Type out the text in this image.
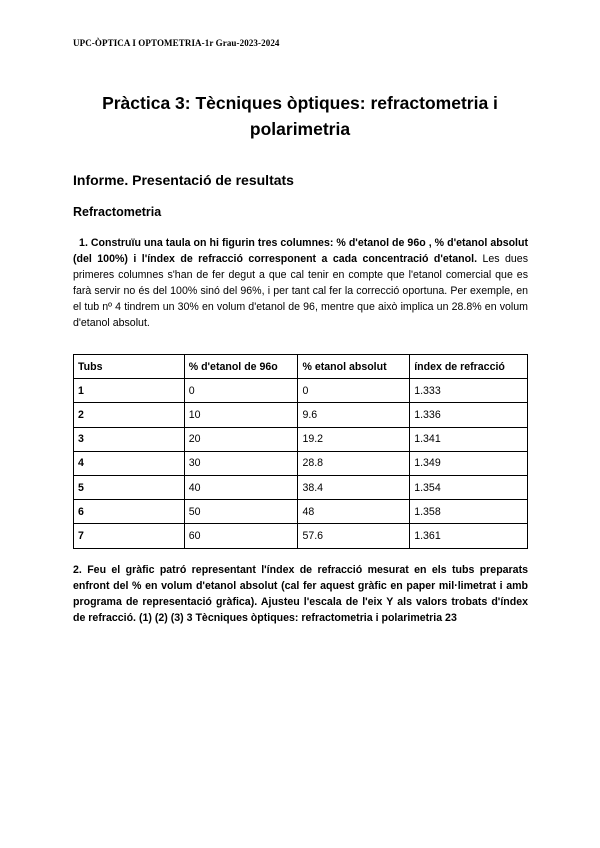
UPC-ÒPTICA I OPTOMETRIA-1r Grau-2023-2024
Pràctica 3: Tècniques òptiques: refractometria i polarimetria
Informe. Presentació de resultats
Refractometria
1. Construïu una taula on hi figurin tres columnes: % d'etanol de 96o , % d'etanol absolut (del 100%) i l'índex de refracció corresponent a cada concentració d'etanol. Les dues primeres columnes s'han de fer degut a que cal tenir en compte que l'etanol comercial que es farà servir no és del 100% sinó del 96%, i per tant cal fer la correcció oportuna. Per exemple, en el tub nº 4 tindrem un 30% en volum d'etanol de 96, mentre que això implica un 28.8% en volum d'etanol absolut.
Tubs	% d'etanol de 96o	% etanol absolut	índex de refracció
1	0	0	1.333
2	10	9.6	1.336
3	20	19.2	1.341
4	30	28.8	1.349
5	40	38.4	1.354
6	50	48	1.358
7	60	57.6	1.361
2. Feu el gràfic patró representant l'índex de refracció mesurat en els tubs preparats enfront del % en volum d'etanol absolut (cal fer aquest gràfic en paper mil·limetrat i amb programa de representació gràfica). Ajusteu l'escala de l'eix Y als valors trobats d'índex de refracció. (1) (2) (3) 3 Tècniques òptiques: refractometria i polarimetria 23
